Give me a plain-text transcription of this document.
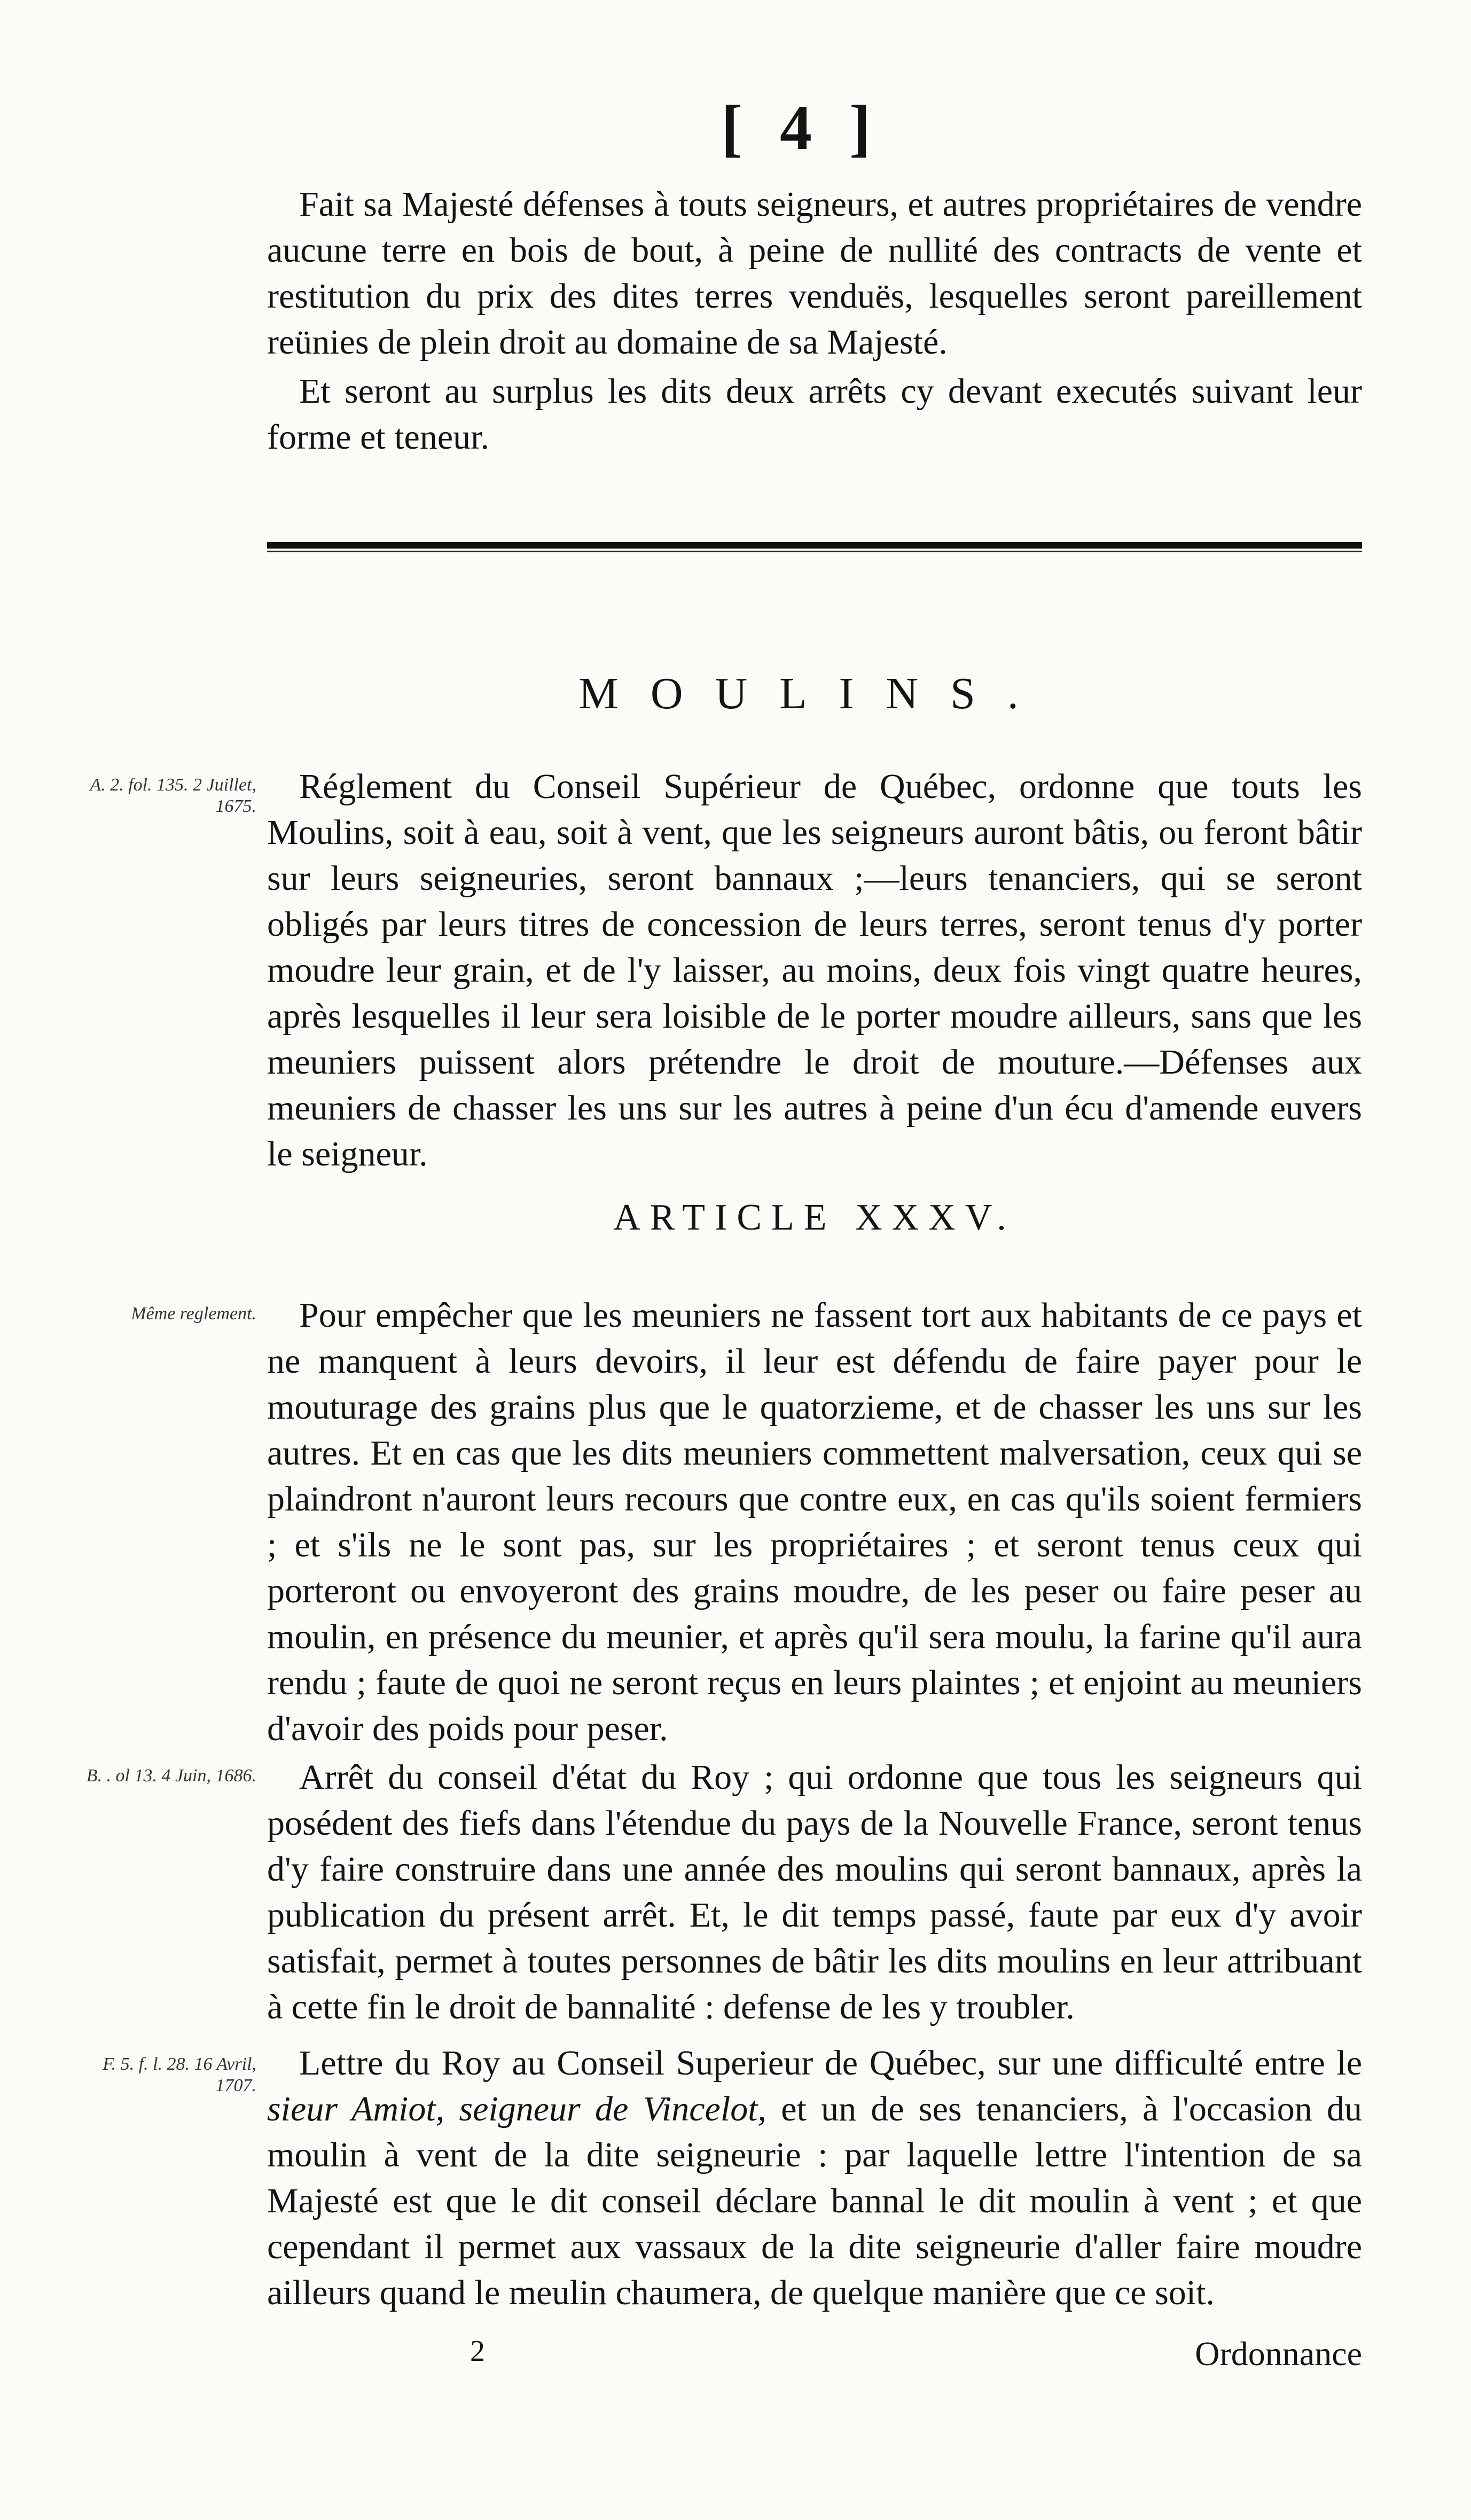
[ 4 ]

Fait sa Majesté défenses à touts seigneurs, et autres propriétaires de vendre aucune terre en bois de bout, à peine de nullité des contracts de vente et restitution du prix des dites terres venduës, lesquelles seront pareillement reünies de plein droit au domaine de sa Majesté.

Et seront au surplus les dits deux arrêts cy devant executés suivant leur forme et teneur.

MOULINS.
A. 2. fol. 135. 2 Juillet, 1675.

Réglement du Conseil Supérieur de Québec, ordonne que touts les Moulins, soit à eau, soit à vent, que les seigneurs auront bâtis, ou feront bâtir sur leurs seigneuries, seront bannaux ;—leurs tenanciers, qui se seront obligés par leurs titres de concession de leurs terres, seront tenus d'y porter moudre leur grain, et de l'y laisser, au moins, deux fois vingt quatre heures, après lesquelles il leur sera loisible de le porter moudre ailleurs, sans que les meuniers puissent alors prétendre le droit de mouture.—Défenses aux meuniers de chasser les uns sur les autres à peine d'un écu d'amende euvers le seigneur.

ARTICLE XXXV.
Même reglement.	Pour empêcher que les meuniers ne fassent tort aux habitants de ce pays et ne manquent à leurs devoirs, il leur est défendu de faire payer pour le mouturage des grains plus que le quatorzieme, et de chasser les uns sur les autres. Et en cas que les dits meuniers commettent malversation, ceux qui se plaindront n'auront leurs recours que contre eux, en cas qu'ils soient fermiers ; et s'ils ne le sont pas, sur les propriétaires ; et seront tenus ceux qui porteront ou envoyeront des grains moudre, de les peser ou faire peser au moulin, en présence du meunier, et après qu'il sera moulu, la farine qu'il aura rendu ; faute de quoi ne seront reçus en leurs plaintes ; et enjoint au meuniers d'avoir des poids pour peser.

B. . ol 13. 4 Juin, 1686.	Arrêt du conseil d'état du Roy ; qui ordonne que tous les seigneurs qui posédent des fiefs dans l'étendue du pays de la Nouvelle France, seront tenus d'y faire construire dans une année des moulins qui seront bannaux, après la publication du présent arrêt. Et, le dit temps passé, faute par eux d'y avoir satisfait, permet à toutes personnes de bâtir les dits moulins en leur attribuant à cette fin le droit de bannalité : defense de les y troubler.

F. 5. f. l. 28. 16 Avril, 1707.

Lettre du Roy au Conseil Superieur de Québec, sur une difficulté entre le sieur Amiot, seigneur de Vincelot, et un de ses tenanciers, à l'occasion du moulin à vent de la dite seigneurie : par laquelle lettre l'intention de sa Majesté est que le dit conseil déclare bannal le dit moulin à vent ; et que cependant il permet aux vassaux de la dite seigneurie d'aller faire moudre ailleurs quand le meulin chaumera, de quelque manière que ce soit.

2	Ordonnance
